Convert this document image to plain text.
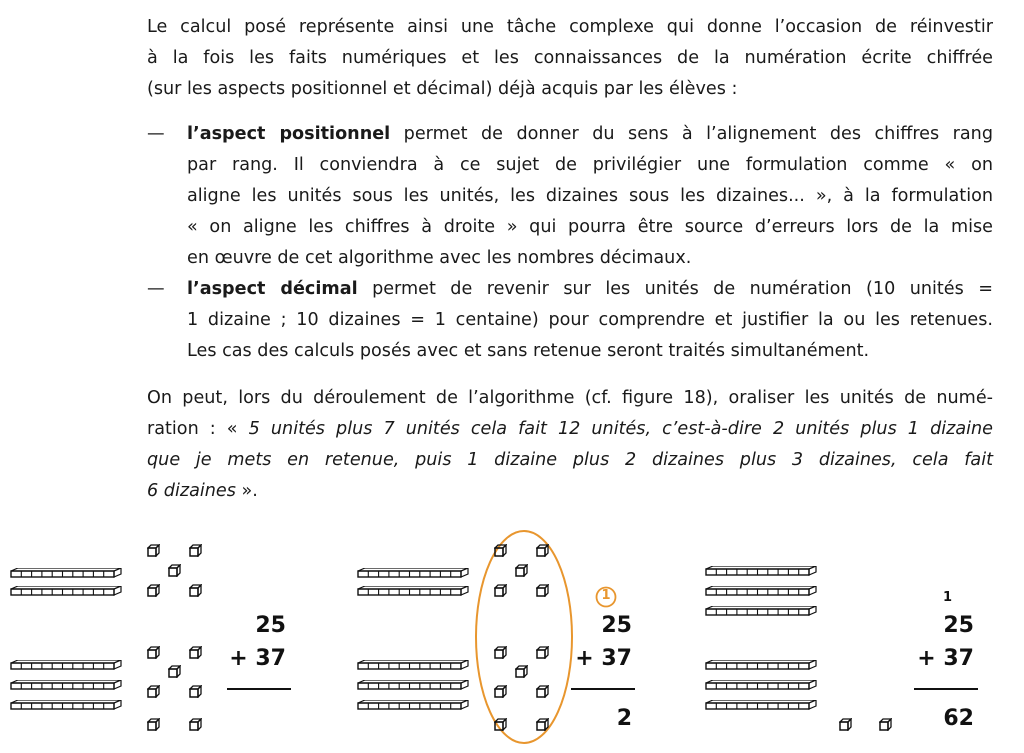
Le calcul posé représente ainsi une tâche complexe qui donne l’occasion de réinvestir
à la fois les faits numériques et les connaissances de la numération écrite chiffrée
(sur les aspects positionnel et décimal) déjà acquis par les élèves :
—	l’aspect positionnel permet de donner du sens à l’alignement des chiffres rang
par rang. Il conviendra à ce sujet de privilégier une formulation comme « on
aligne les unités sous les unités, les dizaines sous les dizaines... », à la formulation
« on aligne les chiffres à droite » qui pourra être source d’erreurs lors de la mise
en œuvre de cet algorithme avec les nombres décimaux.
—	l’aspect décimal permet de revenir sur les unités de numération (10 unités =
1 dizaine ; 10 dizaines = 1 centaine) pour comprendre et justifier la ou les retenues.
Les cas des calculs posés avec et sans retenue seront traités simultanément.
On peut, lors du déroulement de l’algorithme (cf. figure 18), oraliser les unités de numé-
ration : « 5 unités plus 7 unités cela fait 12 unités, c’est-à-dire 2 unités plus 1 dizaine
que je mets en retenue, puis 1 dizaine plus 2 dizaines plus 3 dizaines, cela fait
6 dizaines ».
25
+ 37
1
25
+ 37
2
1
25
+ 37
62
